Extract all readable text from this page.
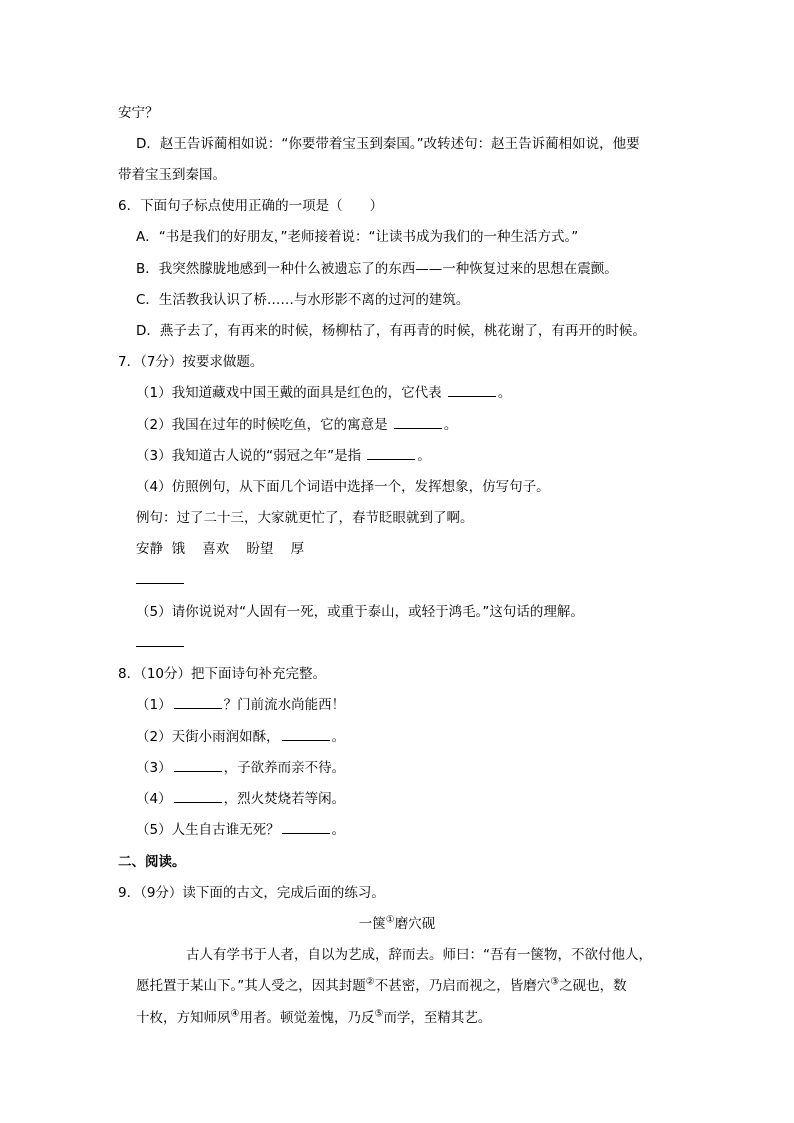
安宁？
D．赵王告诉蔺相如说：“你要带着宝玉到秦国。”改转述句：赵王告诉蔺相如说，他要
带着宝玉到秦国。
6．下面句子标点使用正确的一项是（　　）
A．“书是我们的好朋友，”老师接着说：“让读书成为我们的一种生活方式。”
B．我突然朦胧地感到一种什么被遗忘了的东西——一种恢复过来的思想在震颤。
C．生活教我认识了桥……与水形影不离的过河的建筑。
D．燕子去了，有再来的时候，杨柳枯了，有再青的时候，桃花谢了，有再开的时候。
7．（7分）按要求做题。
（1）我知道藏戏中国王戴的面具是红色的，它代表	。
（2）我国在过年的时候吃鱼，它的寓意是	。
（3）我知道古人说的“弱冠之年”是指	。
（4）仿照例句，从下面几个词语中选择一个，发挥想象，仿写句子。
例句：过了二十三，大家就更忙了，春节眨眼就到了啊。
安静  饿    喜欢    盼望    厚
（5）请你说说对“人固有一死，或重于泰山，或轻于鸿毛。”这句话的理解。
8．（10分）把下面诗句补充完整。
（1）	？门前流水尚能西！
（2）天街小雨润如酥，	。
（3）	，子欲养而亲不待。
（4）	，烈火焚烧若等闲。
（5）人生自古谁无死？	。
二、阅读。
9．（9分）读下面的古文，完成后面的练习。
一箧①磨穴砚
古人有学书于人者，自以为艺成，辞而去。师曰：“吾有一箧物，不欲付他人，
愿托置于某山下。”其人受之，因其封题②不甚密，乃启而视之，皆磨穴③之砚也，数
十枚，方知师夙④用者。顿觉羞愧，乃反⑤而学，至精其艺。
